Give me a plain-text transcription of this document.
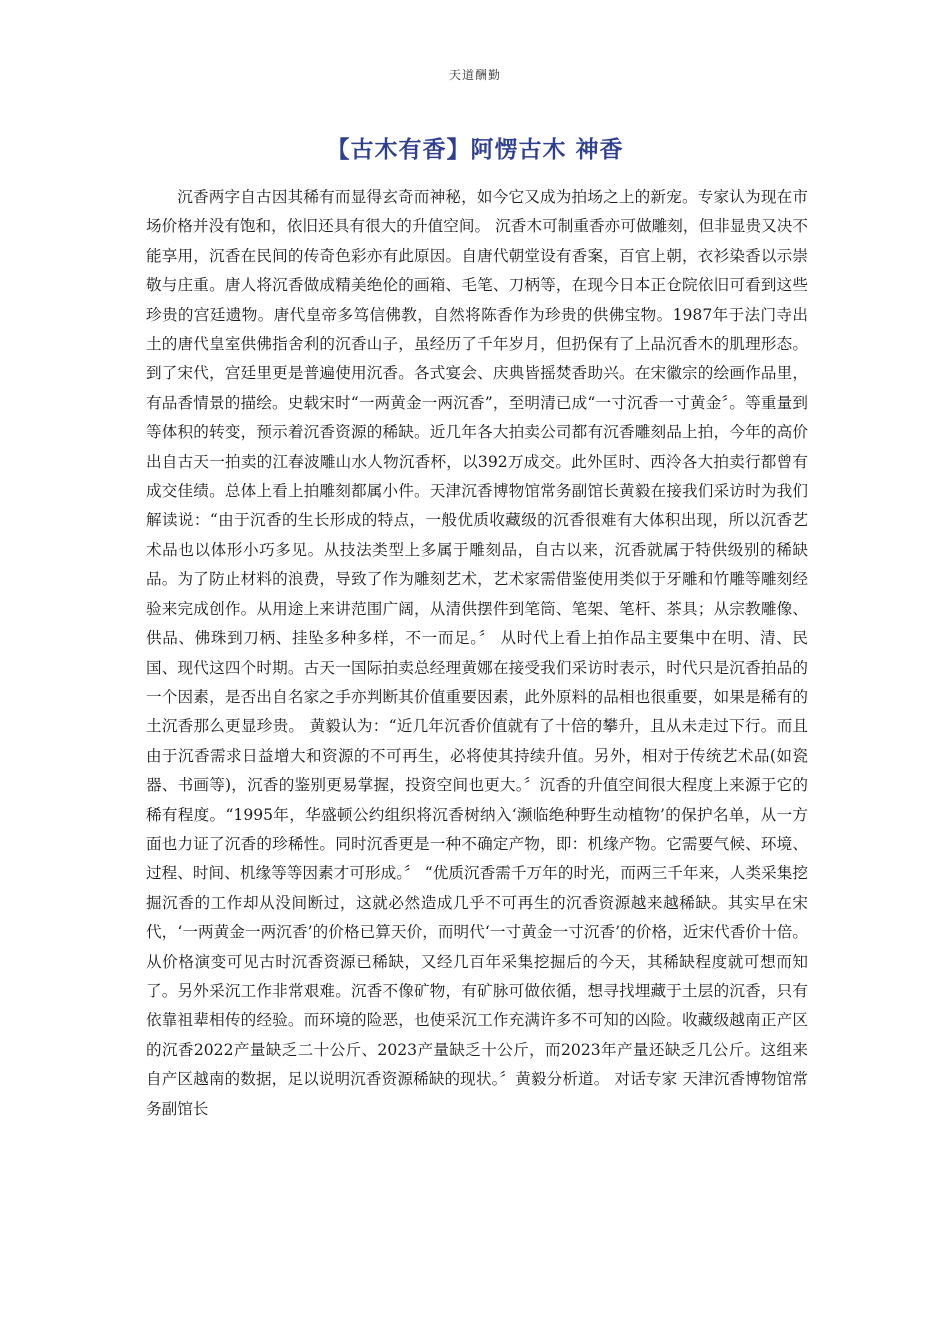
天道酬勤
【古木有香】阿愣古木 神香

沉香两字自古因其稀有而显得玄奇而神秘，如今它又成为拍场之上的新宠。专家认为现在市场价格并没有饱和，依旧还具有很大的升值空间。 沉香木可制重香亦可做雕刻，但非显贵又决不能享用，沉香在民间的传奇色彩亦有此原因。自唐代朝堂设有香案，百官上朝，衣衫染香以示崇敬与庄重。唐人将沉香做成精美绝伦的画箱、毛笔、刀柄等，在现今日本正仓院依旧可看到这些珍贵的宫廷遗物。唐代皇帝多笃信佛教，自然将陈香作为珍贵的供佛宝物。1987年于法门寺出土的唐代皇室供佛指舍利的沉香山子，虽经历了千年岁月，但扔保有了上品沉香木的肌理形态。 到了宋代，宫廷里更是普遍使用沉香。各式宴会、庆典皆摇焚香助兴。在宋徽宗的绘画作品里，有品香情景的描绘。史载宋时“一两黄金一两沉香”，至明清已成“一寸沉香一寸黄金〞。等重量到等体积的转变，预示着沉香资源的稀缺。近几年各大拍卖公司都有沉香雕刻品上拍，今年的高价出自古天一拍卖的江春波雕山水人物沉香杯，以392万成交。此外匡时、西泠各大拍卖行都曾有成交佳绩。总体上看上拍雕刻都属小件。天津沉香博物馆常务副馆长黄毅在接我们采访时为我们解读说：“由于沉香的生长形成的特点，一般优质收藏级的沉香很难有大体积出现，所以沉香艺术品也以体形小巧多见。从技法类型上多属于雕刻品，自古以来，沉香就属于特供级别的稀缺品。为了防止材料的浪费，导致了作为雕刻艺术，艺术家需借鉴使用类似于牙雕和竹雕等雕刻经验来完成创作。从用途上来讲范围广阔，从清供摆件到笔筒、笔架、笔杆、茶具；从宗教雕像、供品、佛珠到刀柄、挂坠多种多样，不一而足。〞 从时代上看上拍作品主要集中在明、清、民国、现代这四个时期。古天一国际拍卖总经理黄娜在接受我们采访时表示，时代只是沉香拍品的一个因素，是否出自名家之手亦判断其价值重要因素，此外原料的品相也很重要，如果是稀有的土沉香那么更显珍贵。 黄毅认为：“近几年沉香价值就有了十倍的攀升，且从未走过下行。而且由于沉香需求日益增大和资源的不可再生，必将使其持续升值。另外，相对于传统艺术品(如瓷器、书画等)，沉香的鉴别更易掌握，投资空间也更大。〞沉香的升值空间很大程度上来源于它的稀有程度。“1995年，华盛顿公约组织将沉香树纳入‘濒临绝种野生动植物’的保护名单，从一方面也力证了沉香的珍稀性。同时沉香更是一种不确定产物，即：机缘产物。它需要气候、环境、过程、时间、机缘等等因素才可形成。〞 “优质沉香需千万年的时光，而两三千年来，人类采集挖掘沉香的工作却从没间断过，这就必然造成几乎不可再生的沉香资源越来越稀缺。其实早在宋代，‘一两黄金一两沉香’的价格已算天价，而明代‘一寸黄金一寸沉香’的价格，近宋代香价十倍。从价格演变可见古时沉香资源已稀缺，又经几百年采集挖掘后的今天，其稀缺程度就可想而知了。另外采沉工作非常艰难。沉香不像矿物，有矿脉可做依循，想寻找埋藏于土层的沉香，只有依靠祖辈相传的经验。而环境的险恶，也使采沉工作充满许多不可知的凶险。收藏级越南正产区的沉香2022产量缺乏二十公斤、2023产量缺乏十公斤，而2023年产量还缺乏几公斤。这组来自产区越南的数据，足以说明沉香资源稀缺的现状。〞黄毅分析道。 对话专家 天津沉香博物馆常务副馆长
